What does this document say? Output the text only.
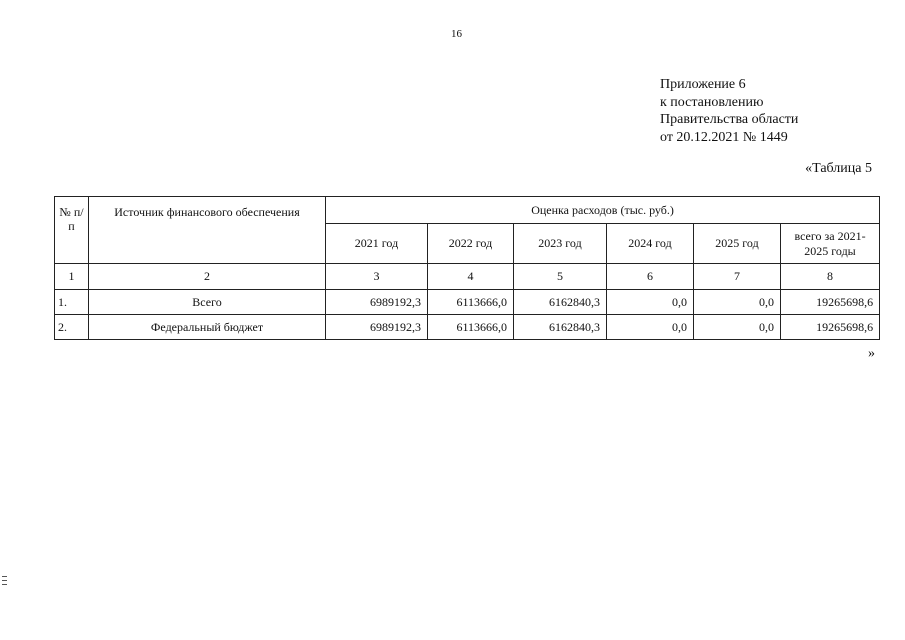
16
Приложение 6
к постановлению
Правительства области
от 20.12.2021 № 1449
«Таблица 5
№ п/п	Источник финансового обеспечения	Оценка расходов (тыс. руб.)					
		2021 год	2022 год	2023 год	2024 год	2025 год	всего за 2021-2025 годы
1	2	3	4	5	6	7	8
1.	Всего	6989192,3	6113666,0	6162840,3	0,0	0,0	19265698,6
2.	Федеральный бюджет	6989192,3	6113666,0	6162840,3	0,0	0,0	19265698,6
»
